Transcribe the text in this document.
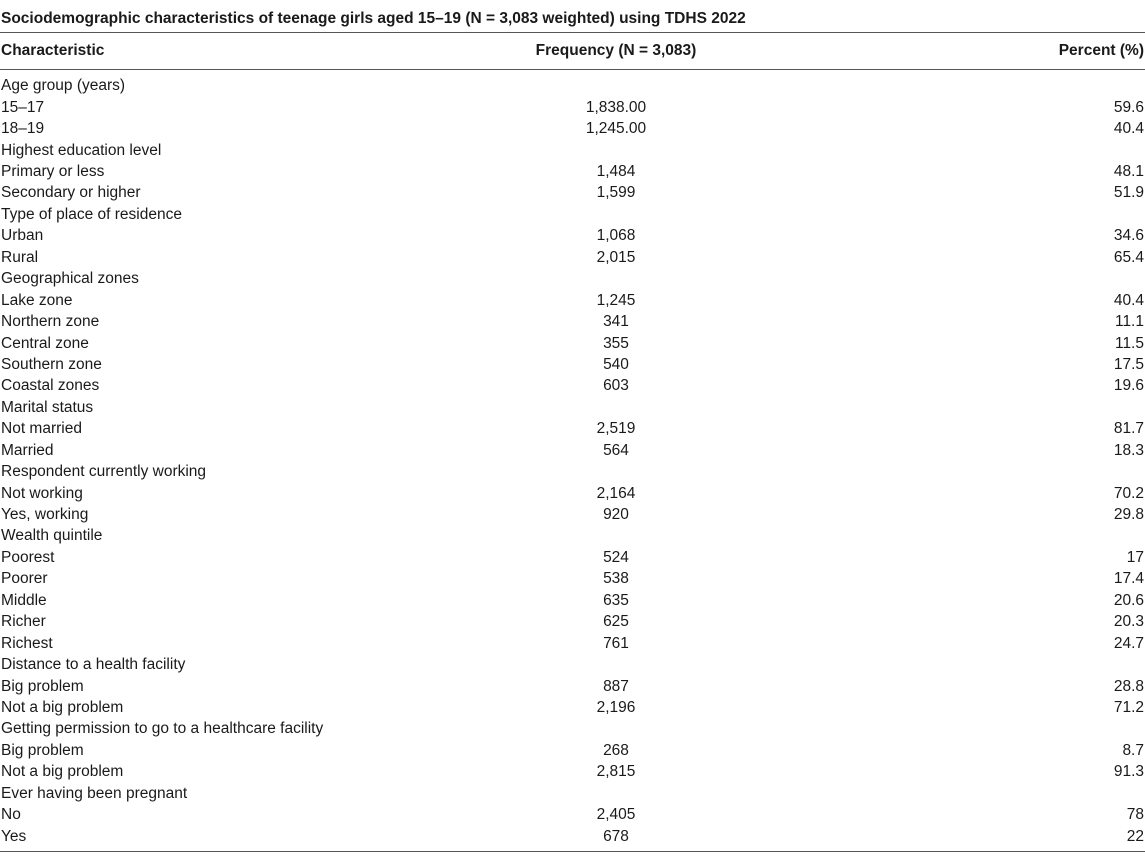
Sociodemographic characteristics of teenage girls aged 15–19 (N = 3,083 weighted) using TDHS 2022
Characteristic	Frequency (N = 3,083)	Percent (%)
Age group (years)		
15–17	1,838.00	59.6
18–19	1,245.00	40.4
Highest education level		
Primary or less	1,484	48.1
Secondary or higher	1,599	51.9
Type of place of residence		
Urban	1,068	34.6
Rural	2,015	65.4
Geographical zones		
Lake zone	1,245	40.4
Northern zone	341	11.1
Central zone	355	11.5
Southern zone	540	17.5
Coastal zones	603	19.6
Marital status		
Not married	2,519	81.7
Married	564	18.3
Respondent currently working		
Not working	2,164	70.2
Yes, working	920	29.8
Wealth quintile		
Poorest	524	17
Poorer	538	17.4
Middle	635	20.6
Richer	625	20.3
Richest	761	24.7
Distance to a health facility		
Big problem	887	28.8
Not a big problem	2,196	71.2
Getting permission to go to a healthcare facility		
Big problem	268	8.7
Not a big problem	2,815	91.3
Ever having been pregnant		
No	2,405	78
Yes	678	22
